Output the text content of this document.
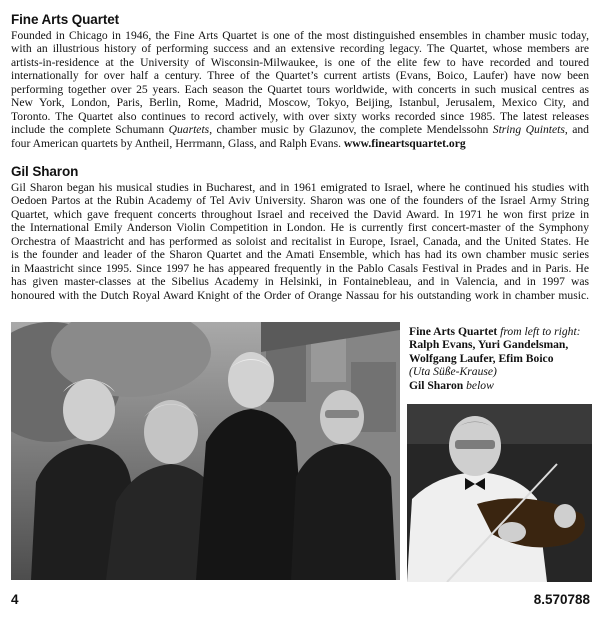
Fine Arts Quartet
Founded in Chicago in 1946, the Fine Arts Quartet is one of the most distinguished ensembles in chamber music today,
with an illustrious history of performing success and an extensive recording legacy. The Quartet, whose members are
artists-in-residence at the University of Wisconsin-Milwaukee, is one of the elite few to have recorded and toured
internationally for over half a century. Three of the Quartet’s current artists (Evans, Boico, Laufer) have now been
performing together over 25 years. Each season the Quartet tours worldwide, with concerts in such musical centres as
New York, London, Paris, Berlin, Rome, Madrid, Moscow, Tokyo, Beijing, Istanbul, Jerusalem, Mexico City, and
Toronto. The Quartet also continues to record actively, with over sixty works recorded since 1985. The latest releases
include the complete Schumann Quartets, chamber music by Glazunov, the complete Mendelssohn String Quintets, and
four American quartets by Antheil, Herrmann, Glass, and Ralph Evans. www.fineartsquartet.org
Gil Sharon
Gil Sharon began his musical studies in Bucharest, and in 1961 emigrated to Israel, where he continued his studies with
Oedoen Partos at the Rubin Academy of Tel Aviv University. Sharon was one of the founders of the Israel Army String
Quartet, which gave frequent concerts throughout Israel and received the David Award. In 1971 he won first prize in
the International Emily Anderson Violin Competition in London. He is currently first concert-master of the Symphony
Orchestra of Maastricht and has performed as soloist and recitalist in Europe, Israel, Canada, and the United States. He
is the founder and leader of the Sharon Quartet and the Amati Ensemble, which has had its own chamber music series
in Maastricht since 1995. Since 1997 he has appeared frequently in the Pablo Casals Festival in Prades and in Paris. He
has given master-classes at the Sibelius Academy in Helsinki, in Fontainebleau, and in Valencia, and in 1997 was
honoured with the Dutch Royal Award Knight of the Order of Orange Nassau for his outstanding work in chamber music.
Fine Arts Quartet from left to right:
Ralph Evans, Yuri Gandelsman,
Wolfgang Laufer, Efim Boico
(Uta Süße-Krause)
Gil Sharon below
4	8.570788
